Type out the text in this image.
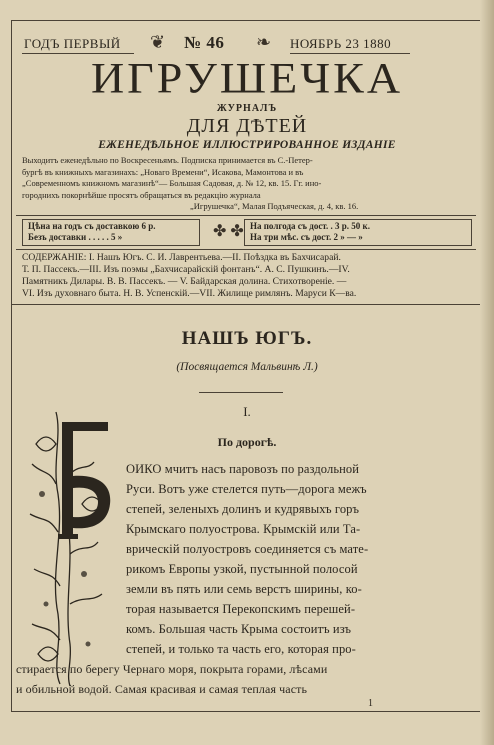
ГОДЪ ПЕРВЫЙ ❦ № 46 ❧ НОЯБРЬ 23 1880
ИГРУШЕЧКА
ЖУРНАЛЪ
ДЛЯ ДѢТЕЙ
ЕЖЕНЕДѢЛЬНОЕ ИЛЛЮСТРИРОВАННОЕ ИЗДАНІЕ
Выходитъ еженедѣльно по Воскресеньямъ. Подписка принимается въ С.-Петер-
бургѣ въ книжныхъ магазинахъ: „Новаго Времени“, Исакова, Мамонтова и въ
„Современномъ книжномъ магазинѣ“— Большая Садовая, д. № 12, кв. 15. Гг. ино-
городнихъ покорнѣйше просятъ обращаться въ редакцію журнала
„Игрушечка“, Малая Подъяческая, д. 4, кв. 16.
Цѣна на годъ съ доставкою 6 р.
Безъ доставки . . . . . 5 »	✤ ✤ На полгода съ дост. . 3 р. 50 к.
На три мѣс. съ дост. 2 » — »
СОДЕРЖАНІЕ: I. Нашъ Югъ. С. И. Лаврентьева.—II. Поѣздка въ Бахчисарай.
Т. П. Пассекъ.—III. Изъ поэмы „Бахчисарайскій фонтанъ“. А. С. Пушкинъ.—IV.
Памятникъ Дилары. В. В. Пассекъ. — V. Байдарская долина. Стихотвореніе. —
VI. Изъ духовнаго быта. Н. В. Успенскій.—VII. Жилище римлянъ. Маруси К—ва.
НАШЪ ЮГЪ.
(Посвящается Мальвинѣ Л.)
I.
По дорогѣ.
ОИКО мчитъ насъ паровозъ по раздольной
Руси. Вотъ уже стелется путь—дорога межъ
степей, зеленыхъ долинъ и кудрявыхъ горъ
Крымскаго полуострова. Крымскій или Та-
врическій полуостровъ соединяется съ мате-
рикомъ Европы узкой, пустынной полосой
земли въ пять или семь верстъ ширины, ко-
торая называется Перекопскимъ перешей-
комъ. Большая часть Крыма состоитъ изъ
степей, и только та часть его, которая про-
стирается по берегу Чернаго моря, покрыта горами, лѣсами
и обильной водой. Самая красивая и самая теплая часть
1
